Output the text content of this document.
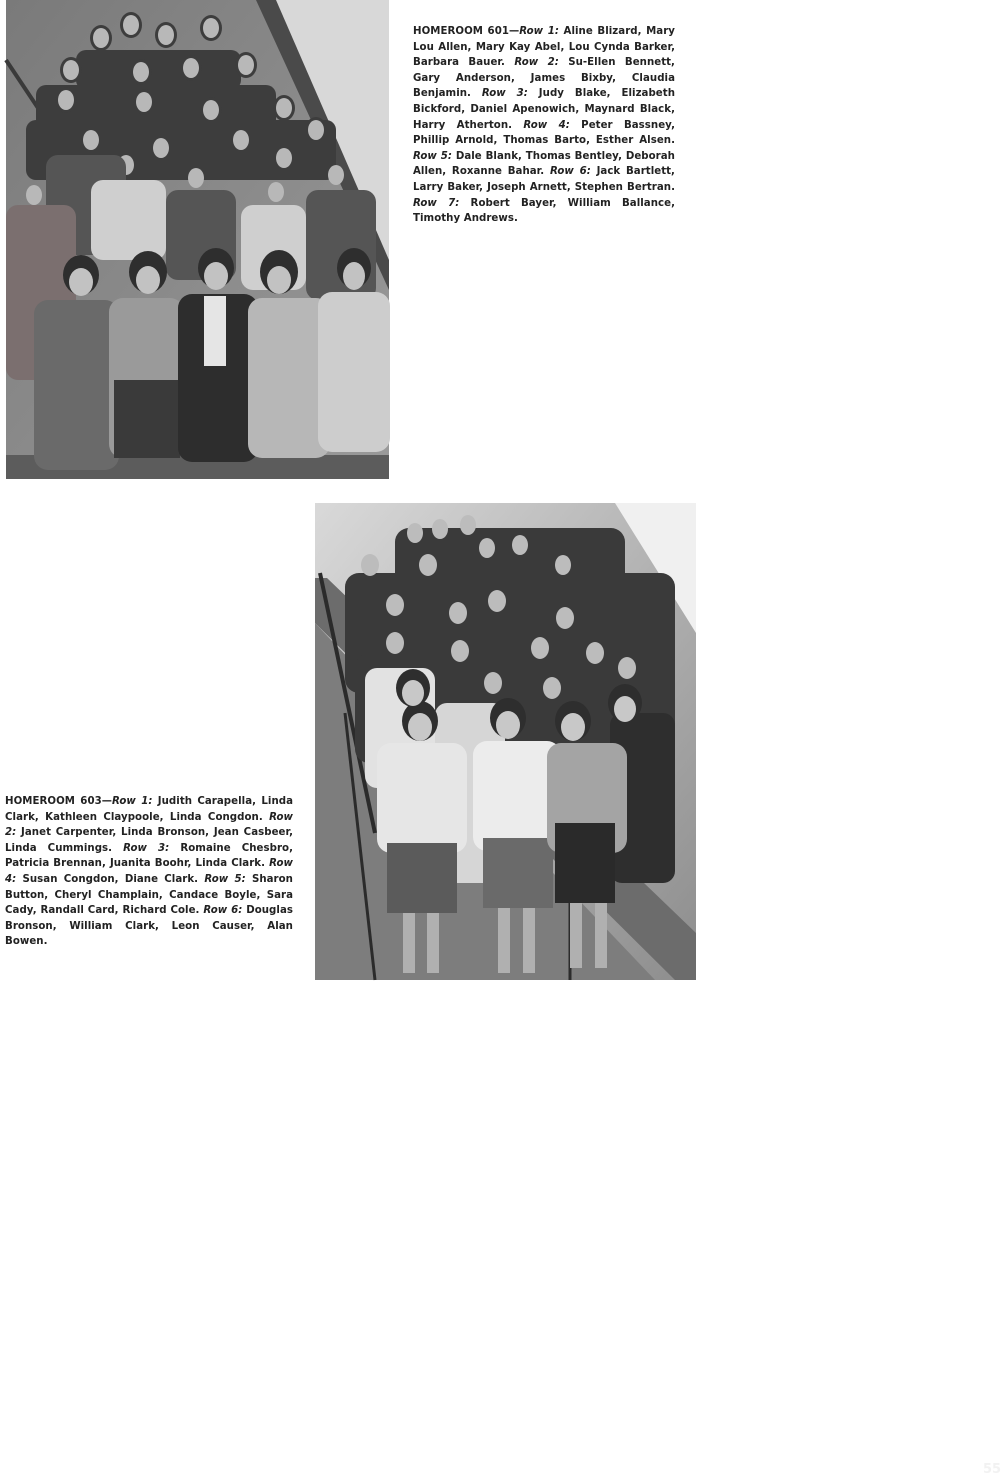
HOMEROOM 601—Row 1: Aline Blizard, Mary Lou Allen, Mary Kay Abel, Lou Cynda Barker, Barbara Bauer. Row 2: Su-Ellen Bennett, Gary Anderson, James Bixby, Claudia Benjamin. Row 3: Judy Blake, Elizabeth Bickford, Daniel Apenowich, Maynard Black, Harry Atherton. Row 4: Peter Bassney, Phillip Arnold, Thomas Barto, Esther Alsen. Row 5: Dale Blank, Thomas Bentley, Deborah Allen, Roxanne Bahar. Row 6: Jack Bartlett, Larry Baker, Joseph Arnett, Stephen Bertran. Row 7: Robert Bayer, William Ballance, Timothy Andrews.
55
HOMEROOM 603—Row 1: Judith Carapella, Linda Clark, Kathleen Claypoole, Linda Congdon. Row 2: Janet Carpenter, Linda Bronson, Jean Casbeer, Linda Cummings. Row 3: Romaine Chesbro, Patricia Brennan, Juanita Boohr, Linda Clark. Row 4: Susan Congdon, Diane Clark. Row 5: Sharon Button, Cheryl Champlain, Candace Boyle, Sara Cady, Randall Card, Richard Cole. Row 6: Douglas Bronson, William Clark, Leon Causer, Alan Bowen.
